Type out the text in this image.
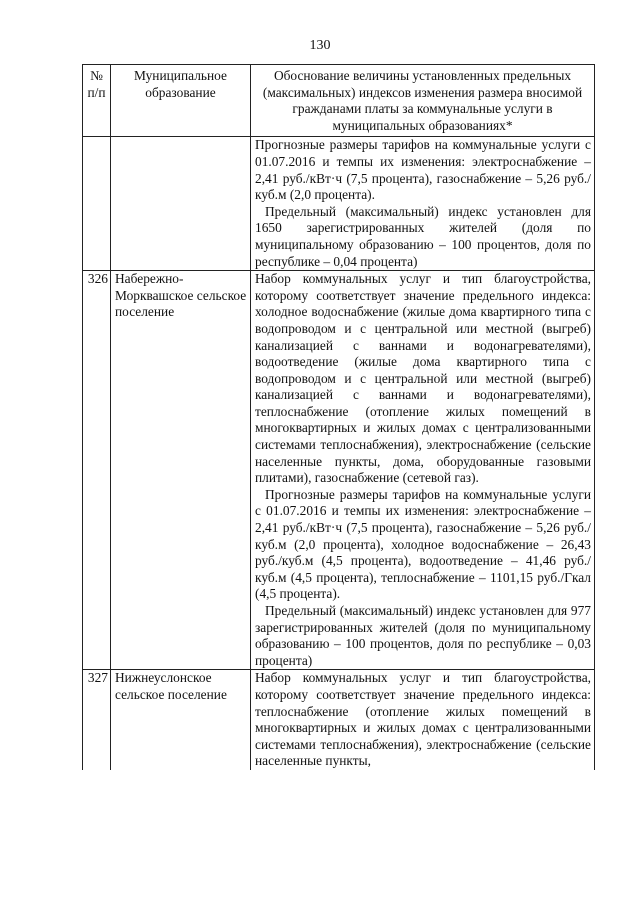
130
№ п/п	Муниципальное образование	Обоснование величины установленных предельных (максимальных) индексов изменения размера вносимой гражданами платы за коммунальные услуги в муниципальных образованиях*

		Прогнозные размеры тарифов на коммунальные услуги с 01.07.2016 и темпы их изменения: электроснабжение – 2,41 руб./кВт·ч (7,5 процента), газоснабжение – 5,26 руб./куб.м (2,0 процента).

Предельный (максимальный) индекс установлен для 1650 зарегистрированных жителей (доля по муниципальному образованию – 100 процентов, доля по республике – 0,04 процента)

326	Набережно-Морквашское сельское поселение	Набор коммунальных услуг и тип благоустройства, которому соответствует значение предельного индекса: холодное водоснабжение (жилые дома квартирного типа с водопроводом и с центральной или местной (выгреб) канализацией с ваннами и водонагревателями), водоотведение (жилые дома квартирного типа с водопроводом и с центральной или местной (выгреб) канализацией с ваннами и водонагревателями), теплоснабжение (отопление жилых помещений в многоквартирных и жилых домах с централизованными системами теплоснабжения), электроснабжение (сельские населенные пункты, дома, оборудованные газовыми плитами), газоснабжение (сетевой газ).

Прогнозные размеры тарифов на коммунальные услуги с 01.07.2016 и темпы их изменения: электроснабжение – 2,41 руб./кВт·ч (7,5 процента), газоснабжение – 5,26 руб./куб.м (2,0 процента), холодное водоснабжение – 26,43 руб./куб.м (4,5 процента), водоотведение – 41,46 руб./куб.м (4,5 процента), теплоснабжение – 1101,15 руб./Гкал (4,5 процента).

Предельный (максимальный) индекс установлен для 977 зарегистрированных жителей (доля по муниципальному образованию – 100 процентов, доля по республике – 0,03 процента)

327	Нижнеуслонское сельское поселение	Набор коммунальных услуг и тип благоустройства, которому соответствует значение предельного индекса: теплоснабжение (отопление жилых помещений в многоквартирных и жилых домах с централизованными системами теплоснабжения), электроснабжение (сельские населенные пункты,
